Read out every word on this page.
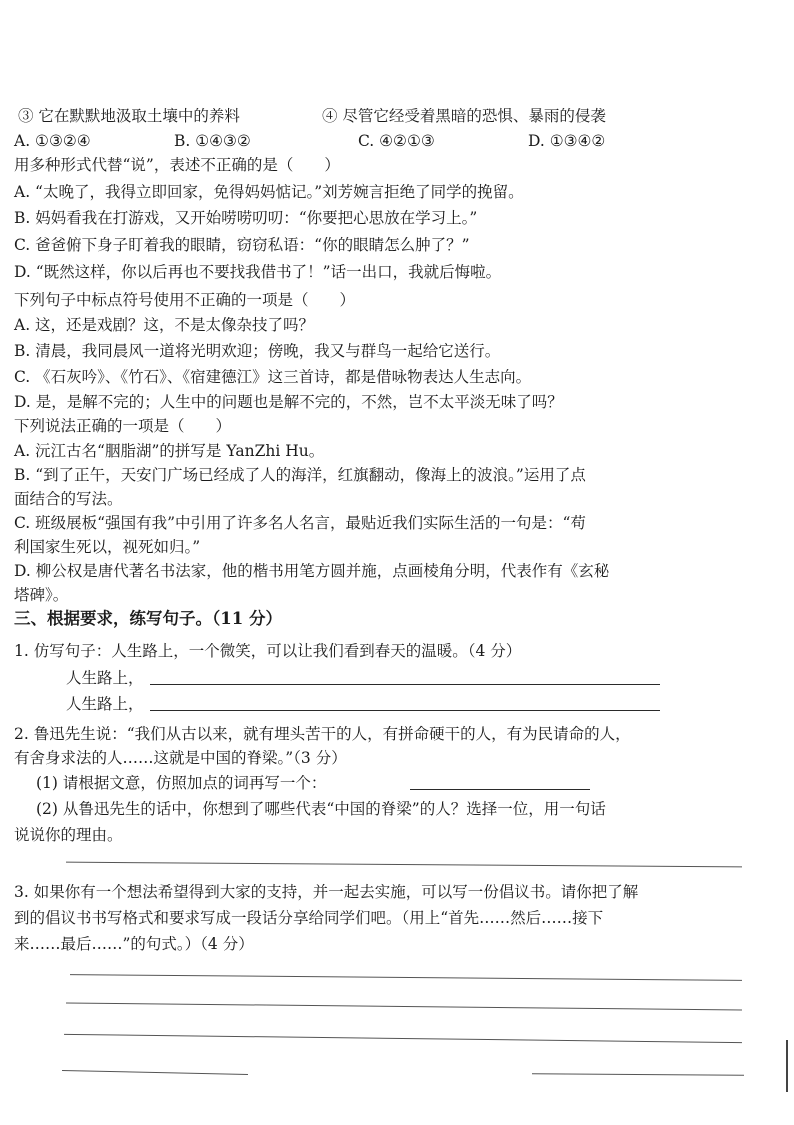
③ 它在默默地汲取土壤中的养料	④ 尽管它经受着黑暗的恐惧、暴雨的侵袭
A. ①③②④	B. ①④③②	C. ④②①③	D. ①③④②
用多种形式代替“说”，表述不正确的是（　　）
A. “太晚了，我得立即回家，免得妈妈惦记。”刘芳婉言拒绝了同学的挽留。
B. 妈妈看我在打游戏，又开始唠唠叨叨：“你要把心思放在学习上。”
C. 爸爸俯下身子盯着我的眼睛，窃窃私语：“你的眼睛怎么肿了？”
D. “既然这样，你以后再也不要找我借书了！”话一出口，我就后悔啦。
下列句子中标点符号使用不正确的一项是（　　）
A. 这，还是戏剧？这，不是太像杂技了吗？
B. 清晨，我同晨风一道将光明欢迎；傍晚，我又与群鸟一起给它送行。
C. 《石灰吟》、《竹石》、《宿建德江》这三首诗，都是借咏物表达人生志向。
D. 是，是解不完的；人生中的问题也是解不完的，不然，岂不太平淡无味了吗？
下列说法正确的一项是（　　）
A. 沅江古名“胭脂湖”的拼写是 YanZhi Hu。
B. “到了正午，天安门广场已经成了人的海洋，红旗翻动，像海上的波浪。”运用了点
面结合的写法。
C. 班级展板“强国有我”中引用了许多名人名言，最贴近我们实际生活的一句是：“苟
利国家生死以，视死如归。”
D. 柳公权是唐代著名书法家，他的楷书用笔方圆并施，点画棱角分明，代表作有《玄秘
塔碑》。
三、根据要求，练写句子。（11 分）
1. 仿写句子：人生路上，一个微笑，可以让我们看到春天的温暖。（4 分）
人生路上，
人生路上，
2. 鲁迅先生说：“我们从古以来，就有埋头苦干的人，有拼命硬干的人，有为民请命的人，
有舍身求法的人……这就是中国的脊梁。”（3 分）
(1) 请根据文意，仿照加点的词再写一个：
(2) 从鲁迅先生的话中，你想到了哪些代表“中国的脊梁”的人？选择一位，用一句话
说说你的理由。
3. 如果你有一个想法希望得到大家的支持，并一起去实施，可以写一份倡议书。请你把了解
到的倡议书书写格式和要求写成一段话分享给同学们吧。（用上“首先……然后……接下
来……最后……”的句式。）（4 分）
